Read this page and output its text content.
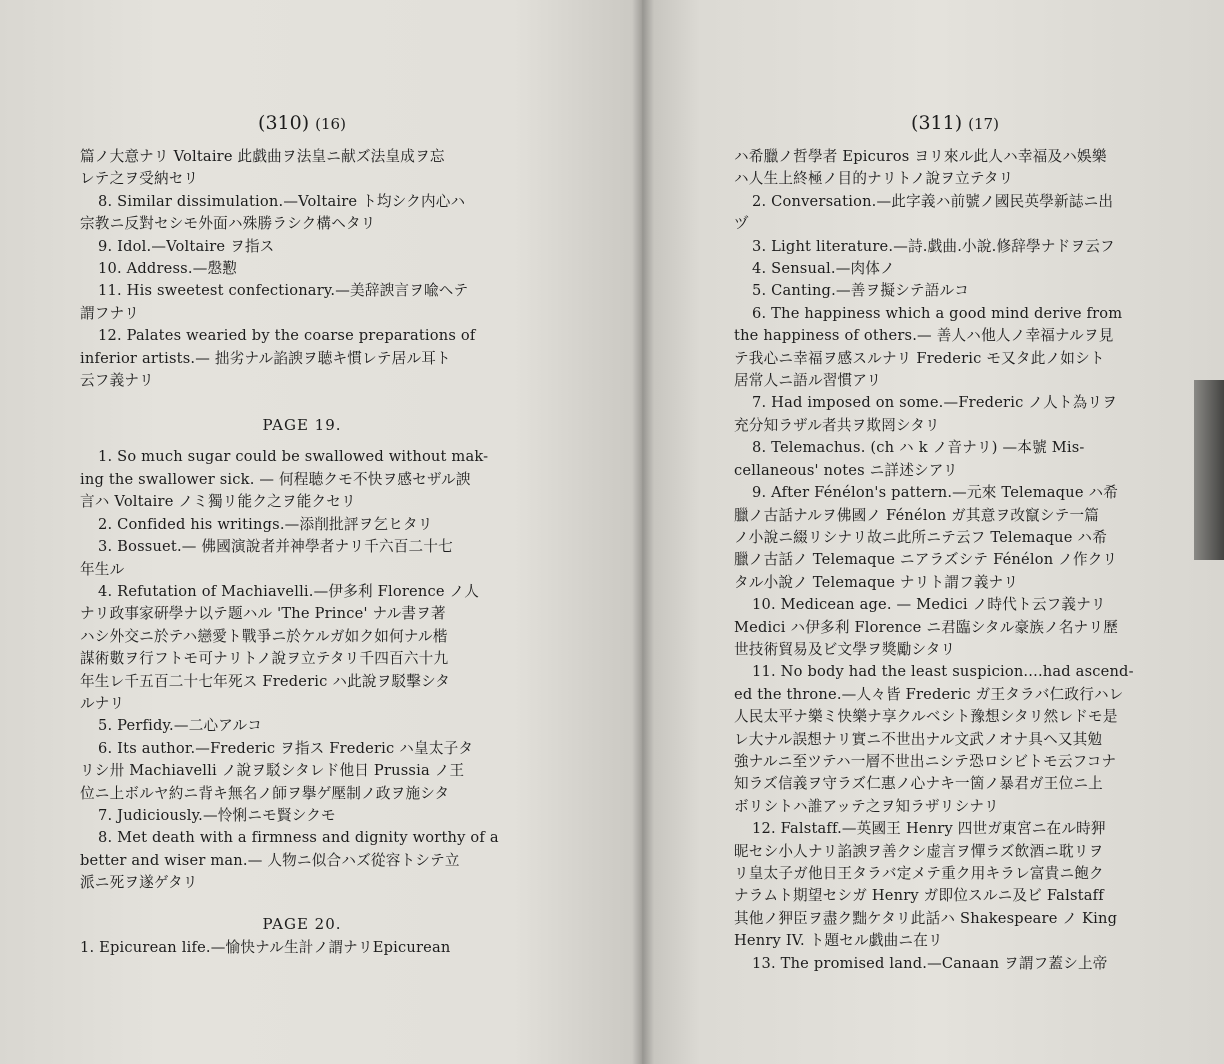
(310) (16)
篇ノ大意ナリ Voltaire 此戯曲ヲ法皇ニ献ズ法皇成ヲ忘
レテ之ヲ受納セリ
8. Similar dissimulation.—Voltaire ト均シク内心ハ
宗教ニ反對セシモ外面ハ殊勝ラシク構ヘタリ
9. Idol.—Voltaire ヲ指ス
10. Address.—慇懃
11. His sweetest confectionary.—美辞諛言ヲ喩ヘテ
謂フナリ
12. Palates wearied by the coarse preparations of
inferior artists.— 拙劣ナル諂諛ヲ聴キ慣レテ居ル耳ト
云フ義ナリ
PAGE 19.
1. So much sugar could be swallowed without mak-
ing the swallower sick. — 何程聴クモ不快ヲ感セザル諛
言ハ Voltaire ノミ獨リ能ク之ヲ能クセリ
2. Confided his writings.—添削批評ヲ乞ヒタリ
3. Bossuet.— 佛國演說者并神學者ナリ千六百二十七
年生ル
4. Refutation of Machiavelli.—伊多利 Florence ノ人
ナリ政事家硏學ナ以テ题ハル 'The Prince' ナル書ヲ著
ハシ外交ニ於テハ戀愛ト戰爭ニ於ケルガ如ク如何ナル楷
謀術數ヲ行フトモ可ナリトノ說ヲ立テタリ千四百六十九
年生レ千五百二十七年死ス Frederic ハ此說ヲ駁擊シタ
ルナリ
5. Perfidy.—二心アルコ
6. Its author.—Frederic ヲ指ス Frederic ハ皇太子タ
リシ卅 Machiavelli ノ說ヲ駁シタレド他日 Prussia ノ王
位ニ上ボルヤ約ニ背キ無名ノ師ヲ擧ゲ壓制ノ政ヲ施シタ
7. Judiciously.—怜悧ニモ賢シクモ
8. Met death with a firmness and dignity worthy of a
better and wiser man.— 人物ニ似合ハズ從容トシテ立
派ニ死ヲ遂ゲタリ
PAGE 20.
1. Epicurean life.—愉快ナル生計ノ謂ナリEpicurean
(311) (17)
ハ希臘ノ哲學者 Epicuros ヨリ來ル此人ハ幸福及ハ娛樂
ハ人生上終極ノ目的ナリトノ說ヲ立テタリ
2. Conversation.—此字義ハ前號ノ國民英學新誌ニ出
ヅ
3. Light literature.—詩.戯曲.小說.修辞學ナドヲ云フ
4. Sensual.—肉体ノ
5. Canting.—善ヲ擬シテ語ルコ
6. The happiness which a good mind derive from
the happiness of others.— 善人ハ他人ノ幸福ナルヲ見
テ我心ニ幸福ヲ感スルナリ Frederic モ又タ此ノ如シト
居常人ニ語ル習慣アリ
7. Had imposed on some.—Frederic ノ人ト為リヲ
充分知ラザル者共ヲ欺罔シタリ
8. Telemachus. (ch ハ k ノ音ナリ) —本號 Mis-
cellaneous' notes ニ詳述シアリ
9. After Fénélon's pattern.—元來 Telemaque ハ希
臘ノ古話ナルヲ佛國ノ Fénélon ガ其意ヲ改竄シテ一篇
ノ小說ニ綴リシナリ故ニ此所ニテ云フ Telemaque ハ希
臘ノ古話ノ Telemaque ニアラズシテ Fénélon ノ作クリ
タル小說ノ Telemaque ナリト謂フ義ナリ
10. Medicean age. — Medici ノ時代ト云フ義ナリ
Medici ハ伊多利 Florence ニ君臨シタル豪族ノ名ナリ歷
世技術貿易及ビ文學ヲ獎勵シタリ
11. No body had the least suspicion....had ascend-
ed the throne.—人々皆 Frederic ガ王タラバ仁政行ハレ
人民太平ナ樂ミ快樂ナ享クルベシト豫想シタリ然レドモ是
レ大ナル誤想ナリ實ニ不世出ナル文武ノオナ具ヘ又其勉
強ナルニ至ツテハ一層不世出ニシテ恐ロシビトモ云フコナ
知ラズ信義ヲ守ラズ仁惠ノ心ナキ一箇ノ暴君ガ王位ニ上
ボリシトハ誰アッテ之ヲ知ラザリシナリ
12. Falstaff.—英國王 Henry 四世ガ東宮ニ在ル時狎
昵セシ小人ナリ諂諛ヲ善クシ虚言ヲ憚ラズ飲酒ニ耽リヲ
リ皇太子ガ他日王タラバ定メテ重ク用キラレ富貴ニ飽ク
ナラムト期望セシガ Henry ガ即位スルニ及ビ Falstaff
其他ノ狎臣ヲ盡ク黜ケタリ此話ハ Shakespeare ノ King
Henry IV. ト題セル戯曲ニ在リ
13. The promised land.—Canaan ヲ謂フ蓋シ上帝
